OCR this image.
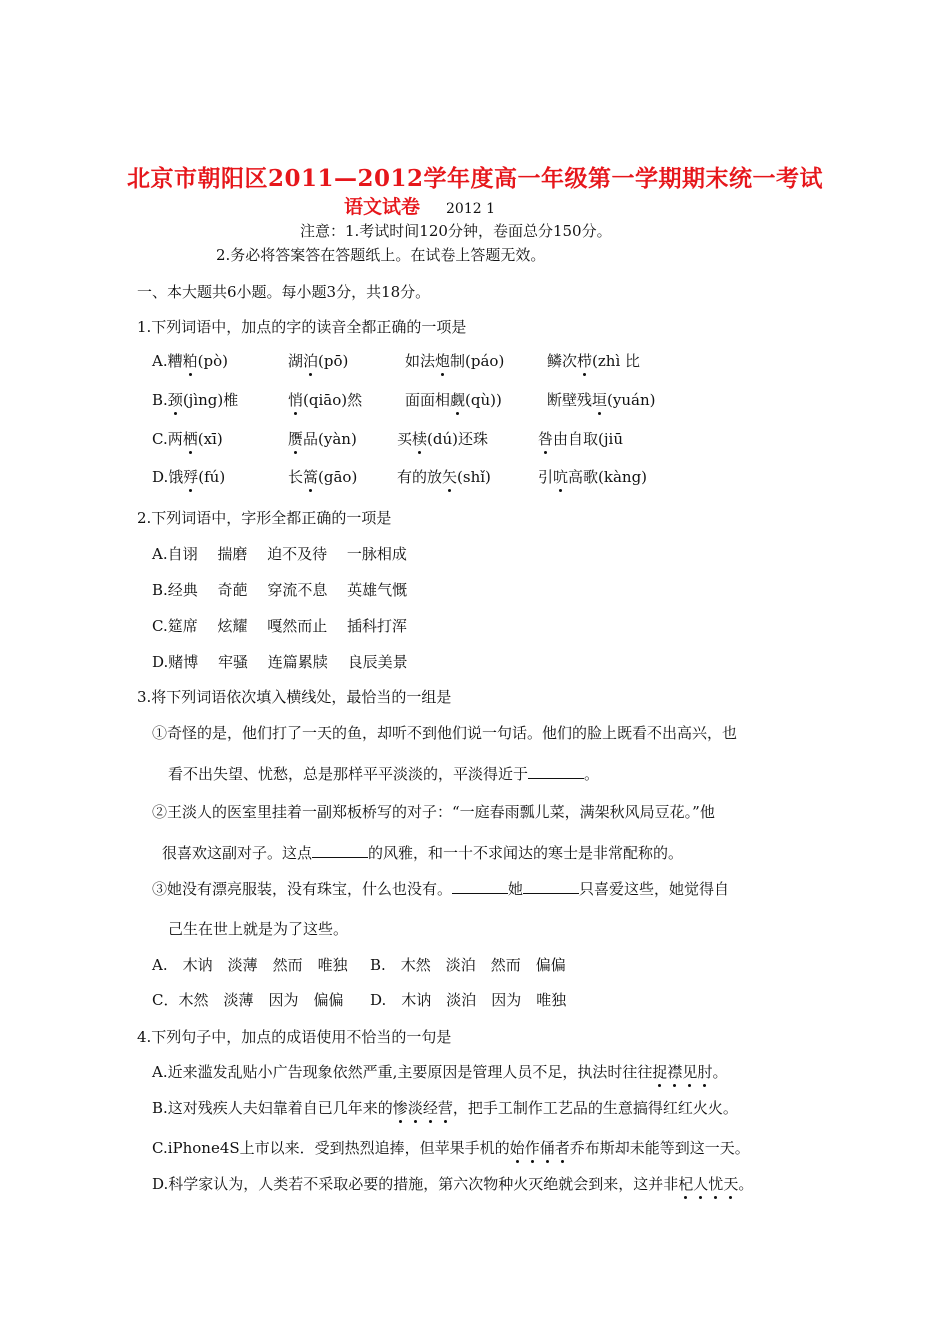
北京市朝阳区2011—2012学年度高一年级第一学期期末统一考试
语文试卷 2012 1
注意：1.考试时间120分钟，卷面总分150分。
2.务必将答案答在答题纸上。在试卷上答题无效。
一、本大题共6小题。每小题3分，共18分。
1.下列词语中，加点的字的读音全都正确的一项是
A.糟粕(pò)	湖泊(pō)	如法炮制(páo)	鳞次栉(zhì 比
B.颈(jìng)椎	悄(qiāo)然	面面相觑(qù))	断壁残垣(yuán)
C.两栖(xī)	赝品(yàn)	买椟(dú)还珠	咎由自取(jiū
D.饿殍(fú)	长篙(gāo)	有的放矢(shǐ)	引吭高歌(kàng)
2.下列词语中，字形全都正确的一项是
A.自诩　 揣磨　 迫不及待　 一脉相成
B.经典　 奇葩　 穿流不息　 英雄气慨
C.筵席　 炫耀　 嘎然而止　 插科打浑
D.赌博　 牢骚　 连篇累牍　 良辰美景
3.将下列词语依次填入横线处，最恰当的一组是
①奇怪的是，他们打了一天的鱼，却听不到他们说一句话。他们的脸上既看不出高兴，也
看不出失望、忧愁，总是那样平平淡淡的，平淡得近于	。
②王淡人的医室里挂着一副郑板桥写的对子：“一庭春雨瓢儿菜，满架秋风局豆花。”他
很喜欢这副对子。这点	的风雅，和一十不求闻达的寒士是非常配称的。
③她没有漂亮服装，没有珠宝，什么也没有。	她	只喜爱这些，她觉得自
己生在世上就是为了这些。
A.　木讷　淡薄　然而　唯独 B.　木然　淡泊　然而　偏偏
C．木然　淡薄　因为　偏偏 D.　木讷　淡泊　因为　唯独
4.下列句子中，加点的成语使用不恰当的一句是
A.近来滥发乱贴小广告现象依然严重,主要原因是管理人员不足，执法时往往捉襟见肘。
B.这对残疾人夫妇靠着自已几年来的惨淡经营，把手工制作工艺品的生意搞得红红火火。
C.iPhone4S上市以来．受到热烈追捧，但苹果手机的始作俑者乔布斯却未能等到这一天。
D.科学家认为，人类若不采取必要的措施，第六次物种火灭绝就会到来，这并非杞人忧天。
